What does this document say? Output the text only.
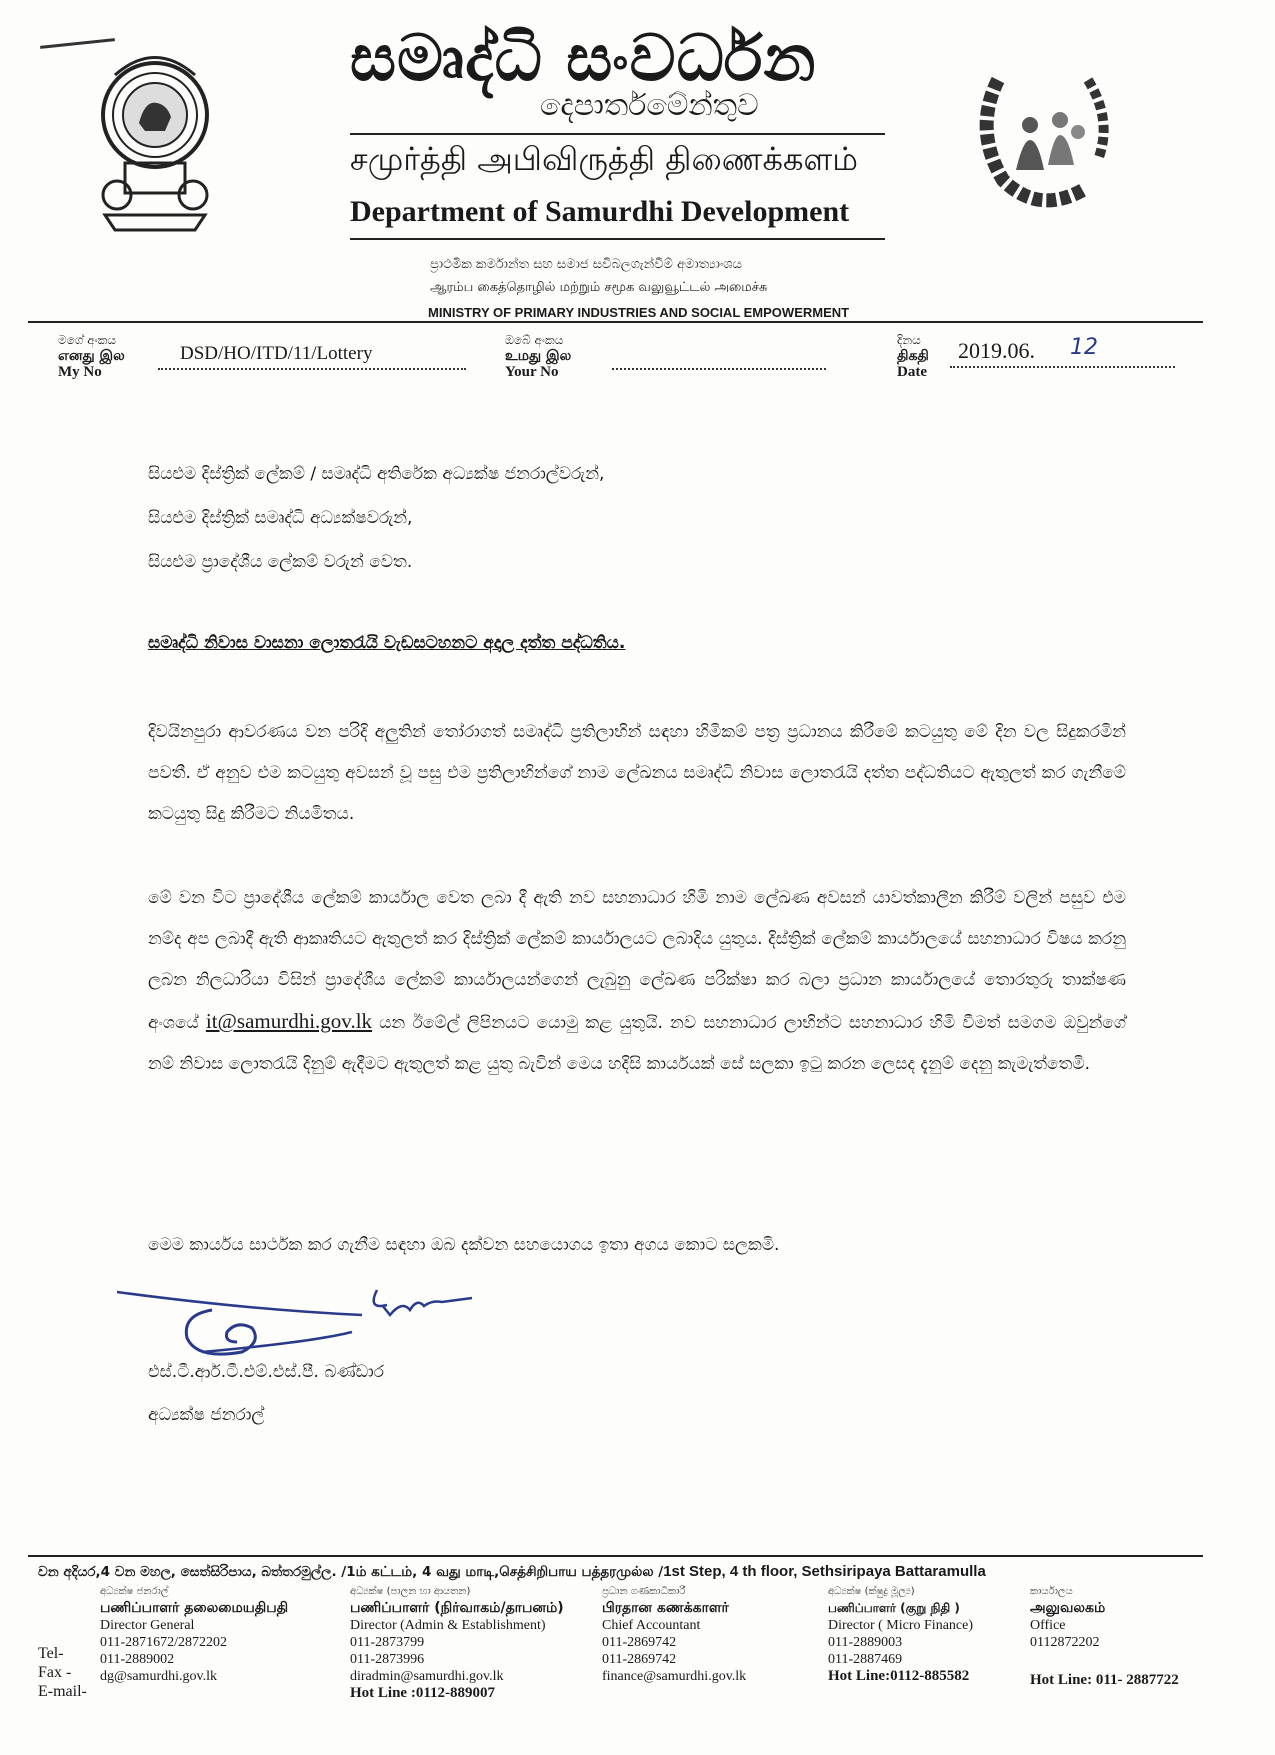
සමෘද්ධි සංවර්ධන
දෙපාර්තමේන්තුව
சமுர்த்தி அபிவிருத்தி திணைக்களம்
Department of Samurdhi Development
ප්‍රාථමික කර්මාන්ත සහ සමාජ සවිබලගැන්වීම් අමාත්‍යාංශය
ஆரம்ப கைத்தொழில் மற்றும் சமூக வலுவூட்டல் அமைச்சு
MINISTRY OF PRIMARY INDUSTRIES AND SOCIAL EMPOWERMENT
මගේ අංකය
எனது இல
My No
DSD/HO/ITD/11/Lottery
ඔබේ අංකය
உமது இல
Your No
දිනය
திகதி
Date
2019.06. 12
සියළුම දිස්ත්‍රික් ලේකම් / සමෘද්ධි අතිරේක අධ්‍යක්ෂ ජනරාල්වරුන්,
සියළුම දිස්ත්‍රික් සමෘද්ධි අධ්‍යක්ෂවරුන්,
සියළුම ප්‍රාදේශීය ලේකම් වරුන් වෙත.
සමෘද්ධි නිවාස වාසනා ලොතරැයි වැඩසටහනට අදාල දත්ත පද්ධතිය.
දිවයිනපුරා ආවරණය වන පරිදි අලුතින් තෝරාගත් සමෘද්ධි ප්‍රතිලාභින් සඳහා හිමිකම් පත්‍ර ප්‍රධානය කිරීමේ කටයුතු මේ දින වල සිදුකරමින් පවතී. ඒ අනුව එම කටයුතු අවසන් වූ පසු එම ප්‍රතිලාභින්ගේ නාම ලේඛනය සමෘද්ධි නිවාස ලොතරැයි දත්ත පද්ධතියට ඇතුලත් කර ගැනීමේ කටයුතු සිදු කිරීමට නියමිතය.
මේ වන විට ප්‍රාදේශීය ලේකම් කාර්යාල වෙත ලබා දී ඇති නව සහනාධාර හිමි නාම ලේඛණ අවසන් යාවත්කාලීන කිරීම් වලින් පසුව එම නම්ද අප ලබාදී ඇති ආකෘතියට ඇතුලත් කර දිස්ත්‍රික් ලේකම් කාර්යාලයට ලබාදිය යුතුය. දිස්ත්‍රික් ලේකම් කාර්යාලයේ සහනාධාර විෂය කරනු ලබන නිලධාරියා විසින් ප්‍රාදේශීය ලේකම් කාර්යාලයන්ගෙන් ලැබුනු ලේඛණ පරික්ෂා කර බලා ප්‍රධාන කාර්යාලයේ තොරතුරු තාක්ෂණ අංශයේ it@samurdhi.gov.lk යන ඊමේල් ලිපිනයට යොමු කළ යුතුයි. නව සහනාධාර ලාභින්ට සහනාධාර හිමි වීමත් සමගම ඔවුන්ගේ නම් නිවාස ලොතරැයි දිනුම් ඇදීමට ඇතුලත් කළ යුතු බැවින් මෙය හදිසි කාර්යයක් සේ සලකා ඉටු කරන ලෙසද දැනුම් දෙනු කැමැත්තෙමි.
මෙම කාර්යය සාර්ථක කර ගැනීම සඳහා ඔබ දක්වන සහයොගය ඉතා අගය කොට සලකමි.
එස්.ටී.ආර්.ටී.එම්.එස්.පී. බණ්ඩාර
අධ්‍යක්ෂ ජනරාල්
වන අදියර,4 වන මහල, සෙත්සිරිපාය, බත්තරමුල්ල. /1ம் கட்டம், 4 வது மாடி,செத்சிறிபாய பத்தரமுல்ல /1st Step, 4 th floor, Sethsiripaya Battaramulla
Tel-
Fax -
E-mail-
අධ්‍යක්ෂ ජනරාල්
பணிப்பாளர் தலைமையதிபதி
Director General
011-2871672/2872202
011-2889002
dg@samurdhi.gov.lk
අධ්‍යක්ෂ (පාලන හා ආයතන)
பணிப்பாளர் (நிர்வாகம்/தாபனம்)
Director (Admin & Establishment)
011-2873799
011-2873996
diradmin@samurdhi.gov.lk
Hot Line :0112-889007
ප්‍රධාන ගණකාධිකාරී
பிரதான கணக்காளர்
Chief Accountant
011-2869742
011-2869742
finance@samurdhi.gov.lk
අධ්‍යක්ෂ (ක්ෂුද්‍ර මූල්‍ය)
பணிப்பாளர் (குறு நிதி )
Director ( Micro Finance)
011-2889003
011-2887469
Hot Line:0112-885582
කාර්යාලය
அலுவலகம்
Office
0112872202
Hot Line: 011- 2887722
